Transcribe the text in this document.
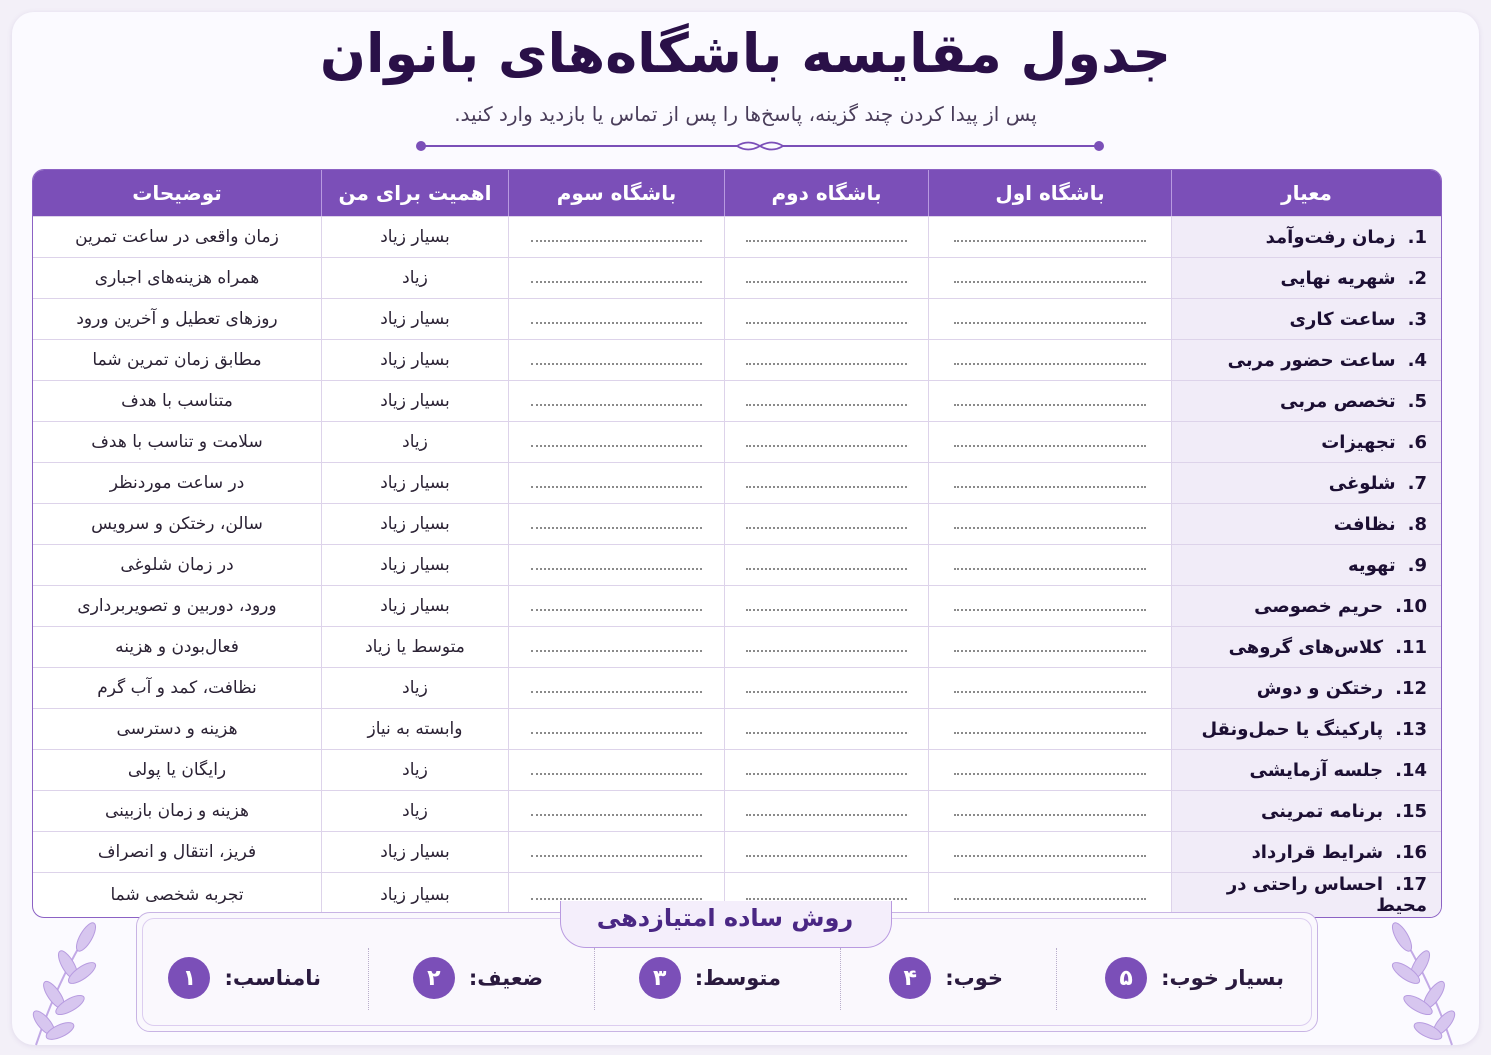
جدول مقایسه باشگاه‌های بانوان
پس از پیدا کردن چند گزینه، پاسخ‌ها را پس از تماس یا بازدید وارد کنید.
معیار	باشگاه اول	باشگاه دوم	باشگاه سوم	اهمیت برای من	توضیحات
1.زمان رفت‌وآمد				بسیار زیاد	زمان واقعی در ساعت تمرین
2.شهریه نهایی				زیاد	همراه هزینه‌های اجباری
3.ساعت کاری				بسیار زیاد	روزهای تعطیل و آخرین ورود
4.ساعت حضور مربی				بسیار زیاد	مطابق زمان تمرین شما
5.تخصص مربی				بسیار زیاد	متناسب با هدف
6.تجهیزات				زیاد	سلامت و تناسب با هدف
7.شلوغی				بسیار زیاد	در ساعت موردنظر
8.نظافت				بسیار زیاد	سالن، رختکن و سرویس
9.تهویه				بسیار زیاد	در زمان شلوغی
10.حریم خصوصی				بسیار زیاد	ورود، دوربین و تصویربرداری
11.کلاس‌های گروهی				متوسط یا زیاد	فعال‌بودن و هزینه
12.رختکن و دوش				زیاد	نظافت، کمد و آب گرم
13.پارکینگ یا حمل‌ونقل				وابسته به نیاز	هزینه و دسترسی
14.جلسه آزمایشی				زیاد	رایگان یا پولی
15.برنامه تمرینی				زیاد	هزینه و زمان بازبینی
16.شرایط قرارداد				بسیار زیاد	فریز، انتقال و انصراف
17.احساس راحتی در محیط				بسیار زیاد	تجربه شخصی شما
روش ساده امتیازدهی
بسیار خوب:
۵
خوب:
۴
متوسط:
۳
ضعیف:
۲
نامناسب:
۱
